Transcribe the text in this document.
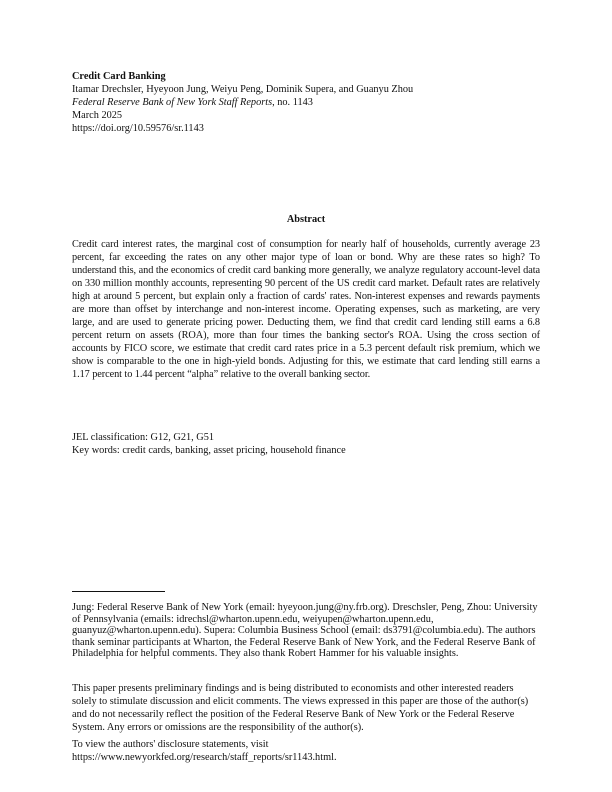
Credit Card Banking
Itamar Drechsler, Hyeyoon Jung, Weiyu Peng, Dominik Supera, and Guanyu Zhou
Federal Reserve Bank of New York Staff Reports, no. 1143
March 2025
https://doi.org/10.59576/sr.1143
Abstract
Credit card interest rates, the marginal cost of consumption for nearly half of households, currently average 23 percent, far exceeding the rates on any other major type of loan or bond. Why are these rates so high? To understand this, and the economics of credit card banking more generally, we analyze regulatory account-level data on 330 million monthly accounts, representing 90 percent of the US credit card market. Default rates are relatively high at around 5 percent, but explain only a fraction of cards' rates. Non-interest expenses and rewards payments are more than offset by interchange and non-interest income. Operating expenses, such as marketing, are very large, and are used to generate pricing power. Deducting them, we find that credit card lending still earns a 6.8 percent return on assets (ROA), more than four times the banking sector's ROA. Using the cross section of accounts by FICO score, we estimate that credit card rates price in a 5.3 percent default risk premium, which we show is comparable to the one in high-yield bonds. Adjusting for this, we estimate that card lending still earns a 1.17 percent to 1.44 percent “alpha” relative to the overall banking sector.
JEL classification: G12, G21, G51
Key words: credit cards, banking, asset pricing, household finance
Jung: Federal Reserve Bank of New York (email: hyeyoon.jung@ny.frb.org). Dreschsler, Peng, Zhou: University of Pennsylvania (emails: idrechsl@wharton.upenn.edu, weiyupen@wharton.upenn.edu, guanyuz@wharton.upenn.edu). Supera: Columbia Business School (email: ds3791@columbia.edu). The authors thank seminar participants at Wharton, the Federal Reserve Bank of New York, and the Federal Reserve Bank of Philadelphia for helpful comments. They also thank Robert Hammer for his valuable insights.
This paper presents preliminary findings and is being distributed to economists and other interested readers solely to stimulate discussion and elicit comments. The views expressed in this paper are those of the author(s) and do not necessarily reflect the position of the Federal Reserve Bank of New York or the Federal Reserve System. Any errors or omissions are the responsibility of the author(s).
To view the authors' disclosure statements, visit
https://www.newyorkfed.org/research/staff_reports/sr1143.html.
